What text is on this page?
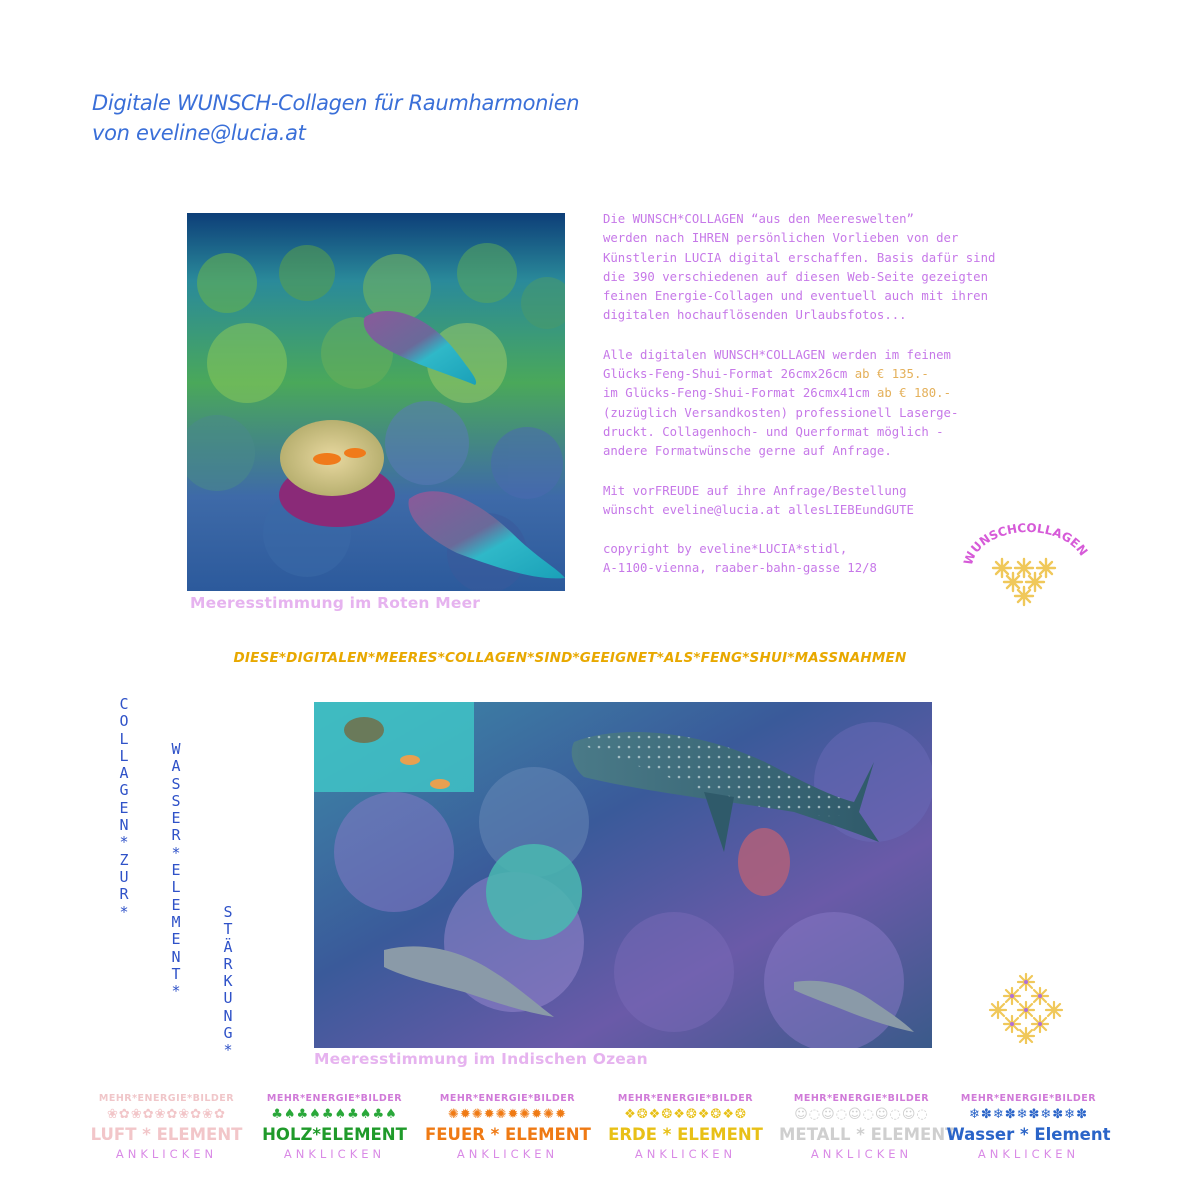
Digitale WUNSCH-Collagen für Raumharmonien
von eveline@lucia.at
Meeresstimmung im Roten Meer

Die WUNSCH*COLLAGEN “aus den Meereswelten”
werden nach IHREN persönlichen Vorlieben von der
Künstlerin LUCIA digital erschaffen. Basis dafür sind
die 390 verschiedenen auf diesen Web-Seite gezeigten
feinen Energie-Collagen und eventuell auch mit ihren
digitalen hochauflösenden Urlaubsfotos...

Alle digitalen WUNSCH*COLLAGEN werden im feinem
Glücks-Feng-Shui-Format 26cmx26cm ab € 135.-
im Glücks-Feng-Shui-Format 26cmx41cm ab € 180.-
(zuzüglich Versandkosten) professionell Laserge-
druckt. Collagenhoch- und Querformat möglich -
andere Formatwünsche gerne auf Anfrage.

Mit vorFREUDE auf ihre Anfrage/Bestellung
wünscht eveline@lucia.at allesLIEBEundGUTE

copyright by eveline*LUCIA*stidl,
A-1100-vienna, raaber-bahn-gasse 12/8

WUNSCHCOLLAGEN
DIESE*DIGITALEN*MEERES*COLLAGEN*SIND*GEEIGNET*ALS*FENG*SHUI*MASSNAHMEN
C
O
L
L
A
G
E
N
*
Z
U
R
*
W
A
S
S
E
R
*
E
L
E
M
E
N
T
*
S
T
Ä
R
K
U
N
G
*	Meeresstimmung im Indischen Ozean
MEHR*ENERGIE*BILDER
❀✿❀✿❀✿❀✿❀✿
LUFT * ELEMENT
ANKLICKEN
MEHR*ENERGIE*BILDER
♣♠♣♠♣♠♣♠♣♠
HOLZ*ELEMENT
ANKLICKEN
MEHR*ENERGIE*BILDER
✺✹✺✹✺✹✺✹✺✹
FEUER * ELEMENT
ANKLICKEN
MEHR*ENERGIE*BILDER
❖❂❖❂❖❂❖❂❖❂
ERDE * ELEMENT
ANKLICKEN
MEHR*ENERGIE*BILDER
☺◌☺◌☺◌☺◌☺◌
METALL * ELEMENT
ANKLICKEN
MEHR*ENERGIE*BILDER
❄✽❄✽❄✽❄✽❄✽
Wasser * Element
ANKLICKEN
